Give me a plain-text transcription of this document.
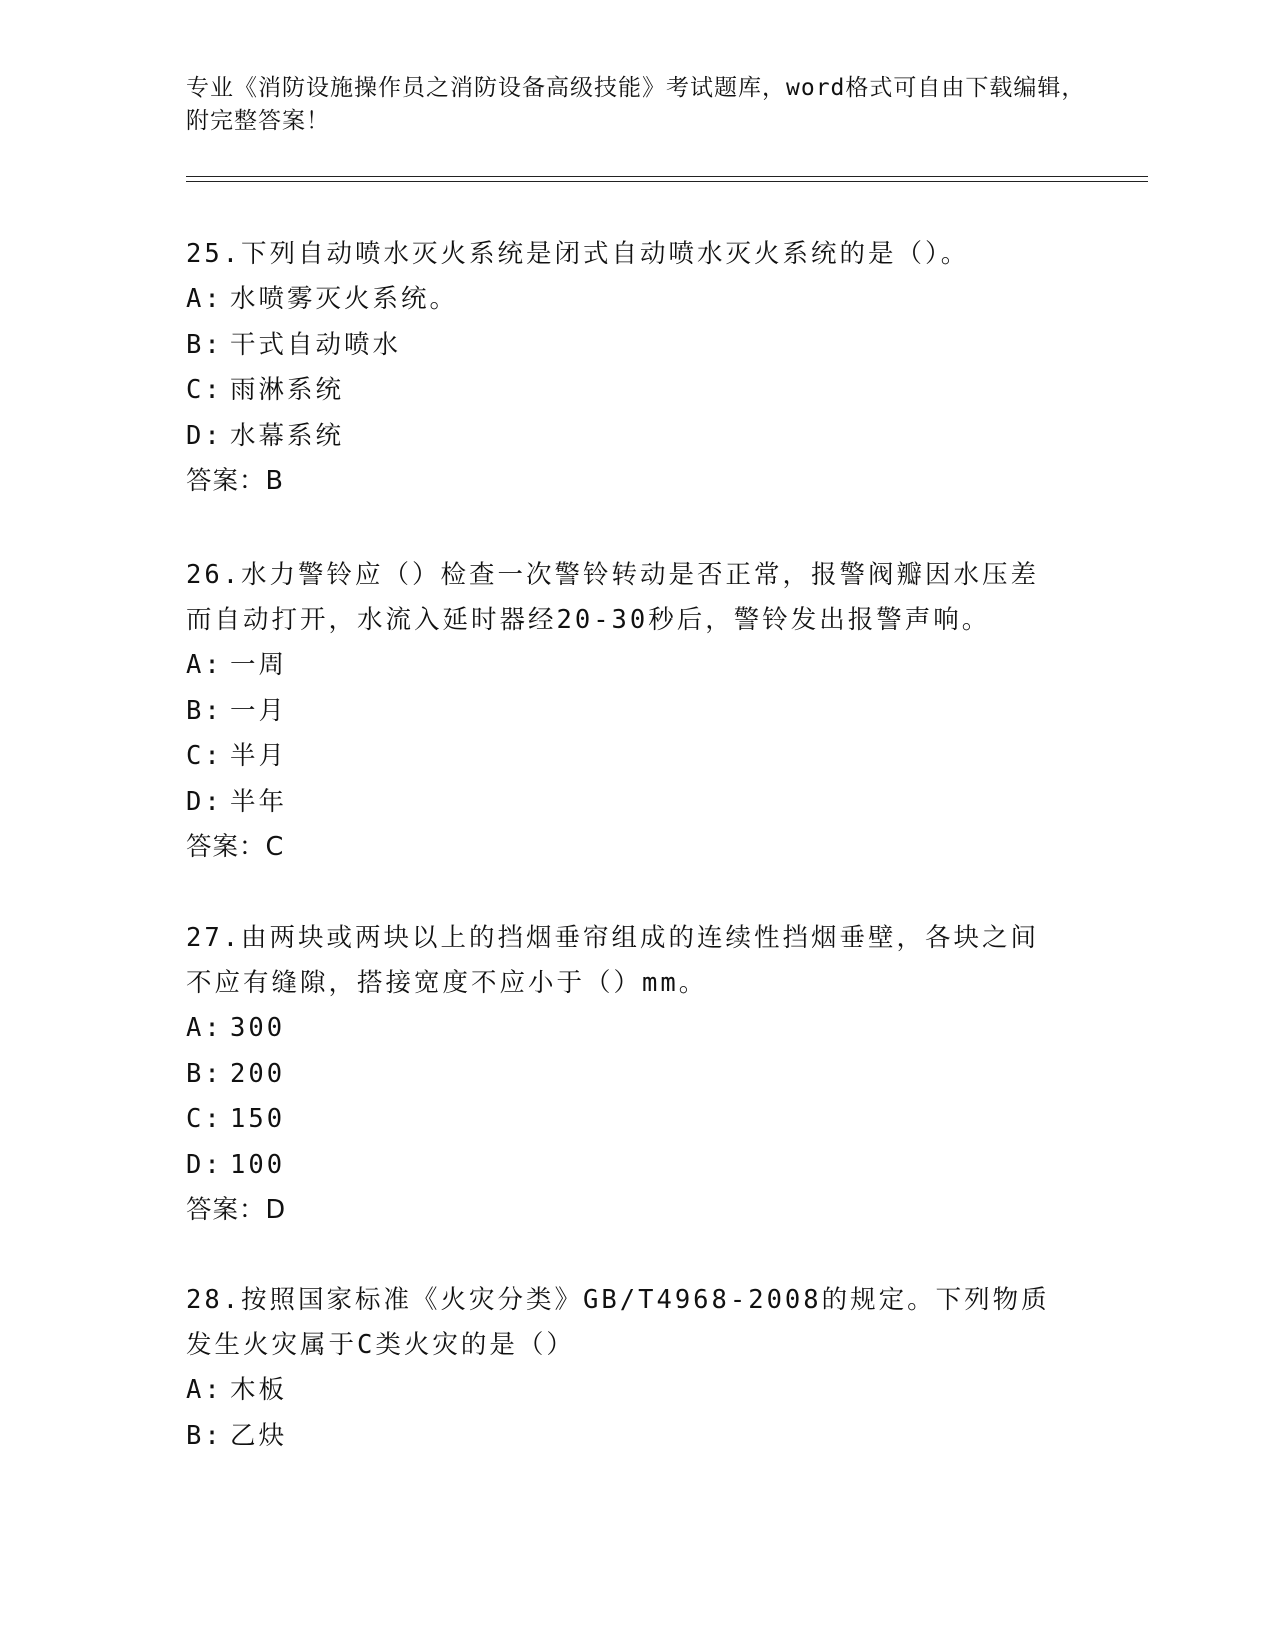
专业《消防设施操作员之消防设备高级技能》考试题库，word格式可自由下载编辑，附完整答案！

25.下列自动喷水灭火系统是闭式自动喷水灭火系统的是（）。

A: 水喷雾灭火系统。

B: 干式自动喷水

C: 雨淋系统

D: 水幕系统

答案：B

26.水力警铃应（）检查一次警铃转动是否正常，报警阀瓣因水压差而自动打开，水流入延时器经20-30秒后，警铃发出报警声响。

A: 一周

B: 一月

C: 半月

D: 半年

答案：C

27.由两块或两块以上的挡烟垂帘组成的连续性挡烟垂壁，各块之间不应有缝隙，搭接宽度不应小于（）mm。

A: 300

B: 200

C: 150

D: 100

答案：D

28.按照国家标准《火灾分类》GB/T4968-2008的规定。下列物质发生火灾属于C类火灾的是（）

A: 木板

B: 乙炔
